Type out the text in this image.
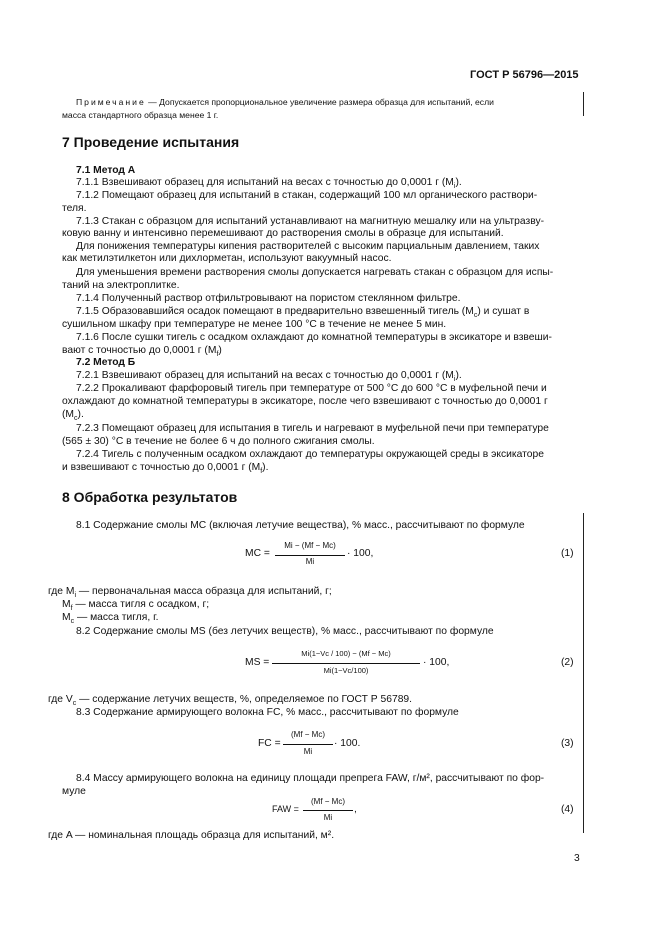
ГОСТ Р 56796—2015
Примечание — Допускается пропорциональное увеличение размера образца для испытаний, если
масса стандартного образца менее 1 г.
7 Проведение испытания
7.1 Метод А
7.1.1 Взвешивают образец для испытаний на весах с точностью до 0,0001 г $(M_i)$.
7.1.2 Помещают образец для испытаний в стакан, содержащий 100 мл органического раствори-
теля.
7.1.3 Стакан с образцом для испытаний устанавливают на магнитную мешалку или на ультразву-
ковую ванну и интенсивно перемешивают до растворения смолы в образце для испытаний.
Для понижения температуры кипения растворителей с высоким парциальным давлением, таких
как метилэтилкетон или дихлорметан, используют вакуумный насос.
Для уменьшения времени растворения смолы допускается нагревать стакан с образцом для испы-
таний на электроплитке.
7.1.4 Полученный раствор отфильтровывают на пористом стеклянном фильтре.
7.1.5 Образовавшийся осадок помещают в предварительно взвешенный тигель $(M_c)$ и сушат в
сушильном шкафу при температуре не менее 100 °С в течение не менее 5 мин.
7.1.6 После сушки тигель с осадком охлаждают до комнатной температуры в эксикаторе и взвеши-
вают с точностью до 0,0001 г $(M_f)$
7.2 Метод Б
7.2.1 Взвешивают образец для испытаний на весах с точностью до 0,0001 г $(M_i)$.
7.2.2 Прокаливают фарфоровый тигель при температуре от 500 °С до 600 °С в муфельной печи и
охлаждают до комнатной температуры в эксикаторе, после чего взвешивают с точностью до 0,0001 г
$(M_c)$.
7.2.3 Помещают образец для испытания в тигель и нагревают в муфельной печи при температуре
(565 ± 30) °С в течение не более 6 ч до полного сжигания смолы.
7.2.4 Тигель с полученным осадком охлаждают до температуры окружающей среды в эксикаторе
и взвешивают с точностью до 0,0001 г $(M_f)$.
8 Обработка результатов
8.1 Содержание смолы MC (включая летучие вещества), % масс., рассчитывают по формуле
MC =
Mi − (Mf − Mc)
Mi
· 100,	(1)
где $M_i$ — первоначальная масса образца для испытаний, г;
$M_f$ — масса тигля с осадком, г;
$M_c$ — масса тигля, г.
8.2 Содержание смолы MS (без летучих веществ), % масс., рассчитывают по формуле
MS =
Mi(1−Vc / 100) − (Mf − Mc)
Mi(1−Vc/100)
· 100,	(2)
где $V_c$ — содержание летучих веществ, %, определяемое по ГОСТ Р 56789.
8.3 Содержание армирующего волокна FC, % масс., рассчитывают по формуле
FC =
(Mf − Mc)
Mi
· 100.	(3)
8.4 Массу армирующего волокна на единицу площади препрега FAW, г/м², рассчитывают по фор-
муле
FAW =
(Mf − Mc)
Mi
,	(4)
где A — номинальная площадь образца для испытаний, м².
3
